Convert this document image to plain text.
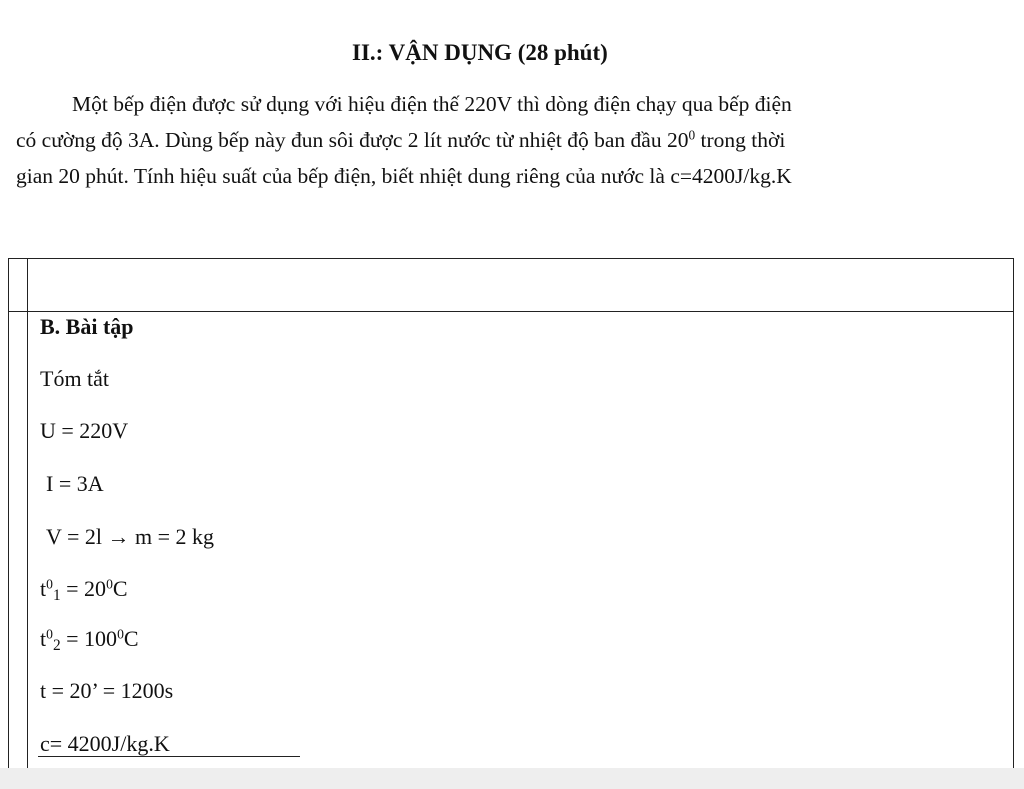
II.: VẬN DỤNG (28 phút)
Một bếp điện được sử dụng với hiệu điện thế 220V thì dòng điện chạy qua bếp điện
có cường độ 3A. Dùng bếp này đun sôi được 2 lít nước từ nhiệt độ ban đầu $20^0$ trong thời
gian 20 phút. Tính hiệu suất của bếp điện, biết nhiệt dung riêng của nước là c=4200J/kg.K
B. Bài tập
Tóm tắt
U = 220V
I = 3A
V = 2l → m = 2 kg
$t^0_1 = 20^0C$
$t^0_2 = 100^0C$
t = 20’ = 1200s
c= 4200J/kg.K
